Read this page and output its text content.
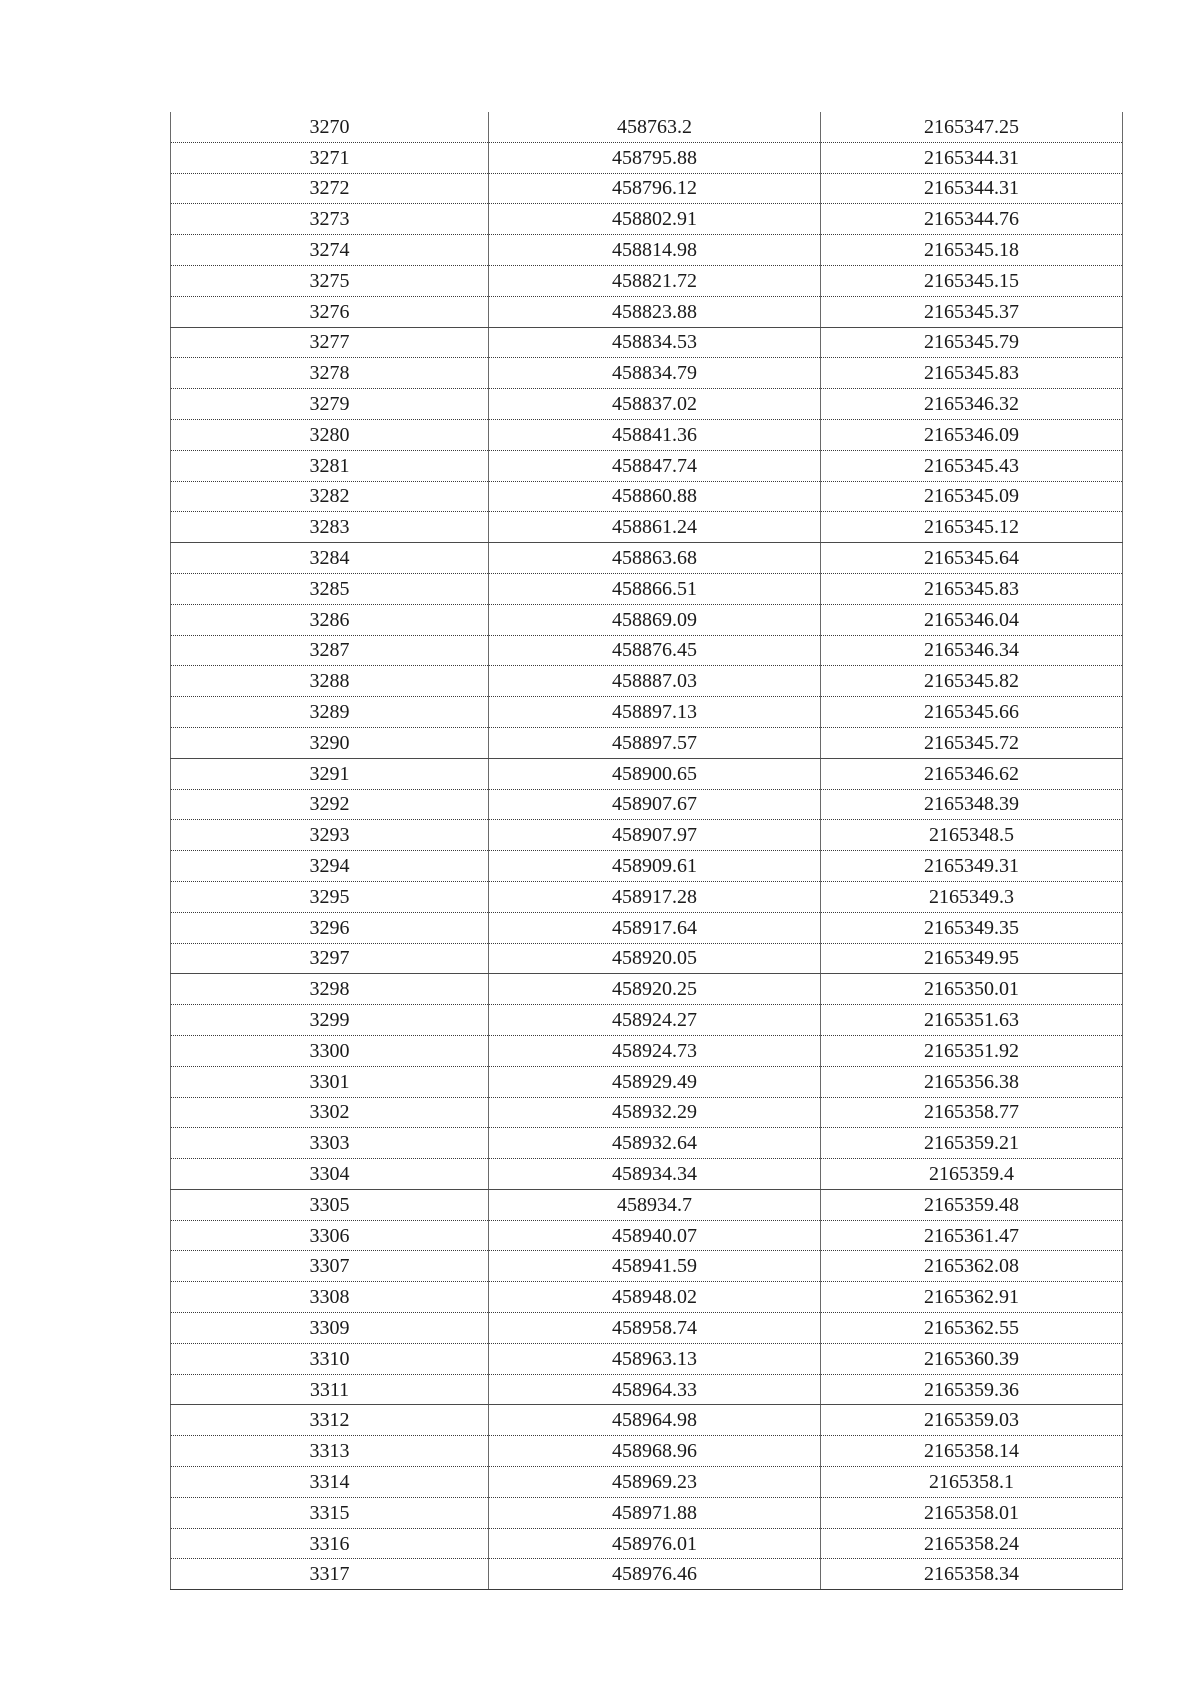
3270	458763.2	2165347.25
3271	458795.88	2165344.31
3272	458796.12	2165344.31
3273	458802.91	2165344.76
3274	458814.98	2165345.18
3275	458821.72	2165345.15
3276	458823.88	2165345.37
3277	458834.53	2165345.79
3278	458834.79	2165345.83
3279	458837.02	2165346.32
3280	458841.36	2165346.09
3281	458847.74	2165345.43
3282	458860.88	2165345.09
3283	458861.24	2165345.12
3284	458863.68	2165345.64
3285	458866.51	2165345.83
3286	458869.09	2165346.04
3287	458876.45	2165346.34
3288	458887.03	2165345.82
3289	458897.13	2165345.66
3290	458897.57	2165345.72
3291	458900.65	2165346.62
3292	458907.67	2165348.39
3293	458907.97	2165348.5
3294	458909.61	2165349.31
3295	458917.28	2165349.3
3296	458917.64	2165349.35
3297	458920.05	2165349.95
3298	458920.25	2165350.01
3299	458924.27	2165351.63
3300	458924.73	2165351.92
3301	458929.49	2165356.38
3302	458932.29	2165358.77
3303	458932.64	2165359.21
3304	458934.34	2165359.4
3305	458934.7	2165359.48
3306	458940.07	2165361.47
3307	458941.59	2165362.08
3308	458948.02	2165362.91
3309	458958.74	2165362.55
3310	458963.13	2165360.39
3311	458964.33	2165359.36
3312	458964.98	2165359.03
3313	458968.96	2165358.14
3314	458969.23	2165358.1
3315	458971.88	2165358.01
3316	458976.01	2165358.24
3317	458976.46	2165358.34
